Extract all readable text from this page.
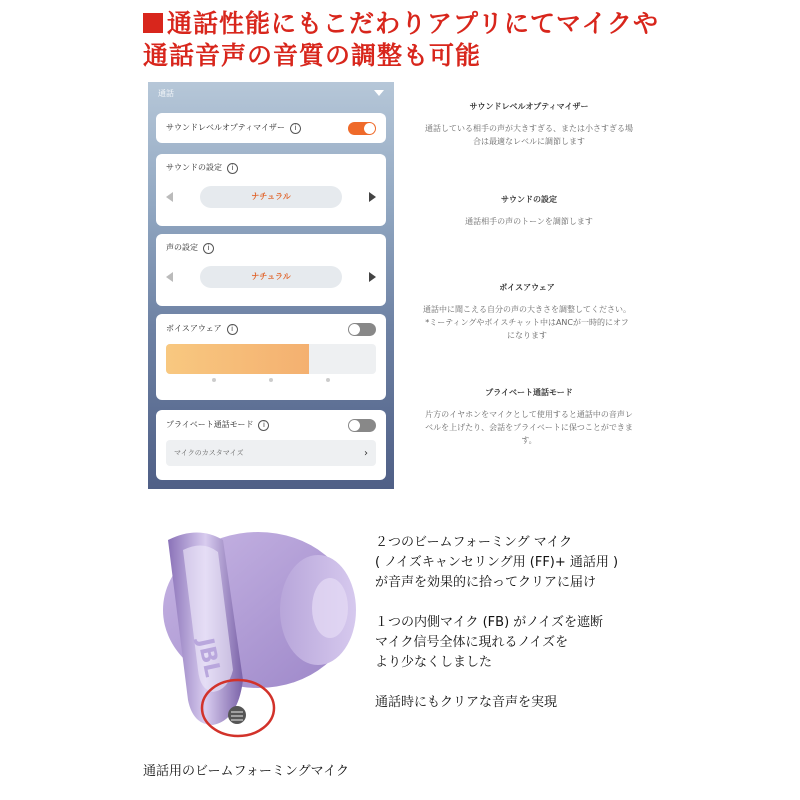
通話性能にもこだわりアプリにてマイクや
通話音声の音質の調整も可能
通話
サウンドレベルオプティマイザー i
サウンドの設定 i
ナチュラル
声の設定 i
ナチュラル
ボイスアウェア i
プライベート通話モード i
マイクのカスタマイズ	›
サウンドレベルオプティマイザー
通話している相手の声が大きすぎる、または小さすぎる場
合は最適なレベルに調節します
サウンドの設定
通話相手の声のトーンを調節します
ボイスアウェア
通話中に聞こえる自分の声の大きさを調整してください。
*ミーティングやボイスチャット中はANCが一時的にオフ
になります
プライベート通話モード
片方のイヤホンをマイクとして使用すると通話中の音声レ
ベルを上げたり、会話をプライベートに保つことができま
す。
JBL

２つのビームフォーミング マイク
( ノイズキャンセリング用 (FF)+ 通話用 )
が音声を効果的に拾ってクリアに届け

１つの内側マイク (FB) がノイズを遮断
マイク信号全体に現れるノイズを
より少なくしました

通話時にもクリアな音声を実現

通話用のビームフォーミングマイク
